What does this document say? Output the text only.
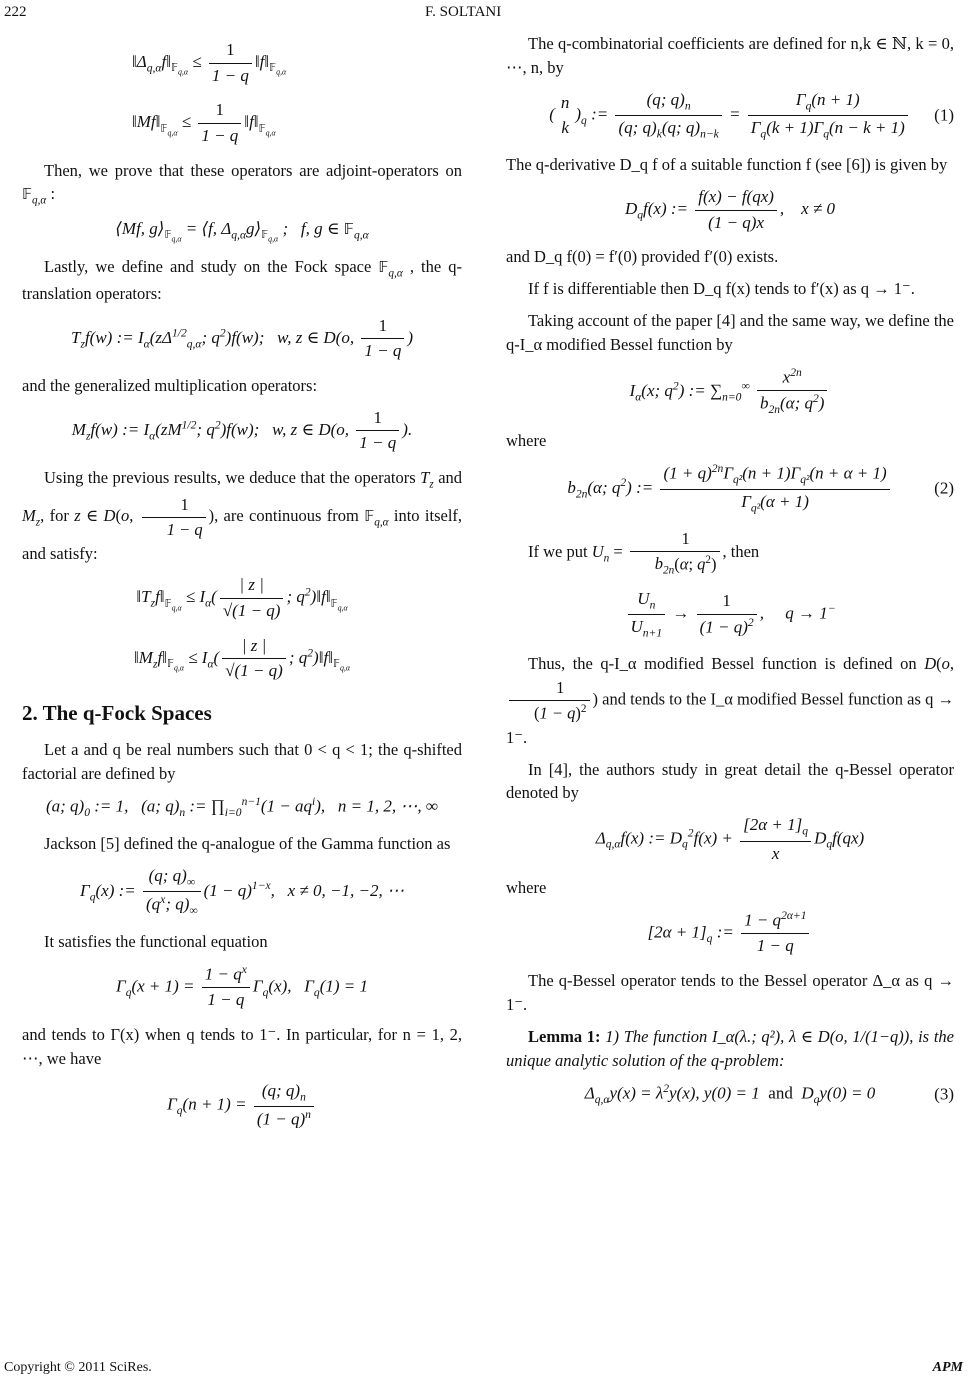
222	F. SOLTANI
$‖\Delta_{q,\alpha}f‖_{𝔽_{q,\alpha}} \le \frac{1}{1 - q}$ $‖f‖_{𝔽_{q,\alpha}}$
$‖Mf‖_{𝔽_{q,\alpha}} \le \frac{1}{1 - q}$ $‖f‖_{𝔽_{q,\alpha}}$

Then, we prove that these operators are adjoint-operators on 𝔽$_{q,\alpha}$ :

⟨Mf, $g⟩_{𝔽_{q,\alpha}}$ = ⟨f, $\Delta_{q,\alpha}g⟩_{𝔽_{q,\alpha}}$ ;   f, g ∈ 𝔽$_{q,\alpha}$

Lastly, we define and study on the Fock space 𝔽$_{q,\alpha}$ , the q-translation operators:

$T_zf(w)$ := $I_\alpha(z\Delta^{1/2}_{q,\alpha}$; $q^2)f(w)$;   w, z ∈ D(o, $\frac{1}{1 - q}$ )

and the generalized multiplication operators:

$M_zf(w)$ := $I_\alpha(zM^{1/2}$; $q^2)f(w)$;   w, z ∈ D(o, $\frac{1}{1 - q}$ ).

Using the previous results, we deduce that the operators $T_z$ and $M_z$, for z ∈ D(o, $\frac{1}{1 - q}$ ), are continuous from 𝔽$_{q,\alpha}$ into itself, and satisfy:

$‖T_zf‖_{𝔽_{q,\alpha}} \le I_\alpha( \frac{| z |}{√(1 - q)}$ ; $q^2)‖f‖_{𝔽_{q,\alpha}}$
$‖M_zf‖_{𝔽_{q,\alpha}} \le I_\alpha( \frac{| z |}{√(1 - q)}$ ; $q^2)‖f‖_{𝔽_{q,\alpha}}$
2. The q-Fock Spaces

Let a and q be real numbers such that 0 < q < 1; the q-shifted factorial are defined by

(a; $q)_0$ := 1,   (a; $q)_n$ := $\prod_{i=0}^{n-1}(1 - aq^i)$,   n = 1, 2, ⋯, ∞

Jackson [5] defined the q-analogue of the Gamma function as

$\Gamma_q(x)$ := $\frac{(q; q)_\infty}{(q^x; q)_\infty} (1 - q)^{1-x}$,   x ≠ 0, −1, −2, ⋯

It satisfies the functional equation

$\Gamma_q(x + 1) = \frac{1 - q^x}{1 - q} \Gamma_q(x)$,   $\Gamma_q(1) = 1$

and tends to Γ(x) when q tends to 1⁻. In particular, for n = 1, 2, ⋯, we have

$\Gamma_q(n + 1) = \frac{(q; q)_n}{(1 - q)^n}$

The q-combinatorial coefficients are defined for n,k ∈ ℕ, k = 0, ⋯, n, by

(
n
k
)$_q$ := $\frac{(q; q)_n}{(q; q)_k(q; q)_{n-k}} = \frac{\Gamma_q(n + 1)}{\Gamma_q(k + 1)\Gamma_q(n - k + 1)} (1)$

The q-derivative D_q f of a suitable function f (see [6]) is given by

$D_qf(x)$ := $\frac{f(x) - f(qx)}{(1 - q)x}$ ,    x ≠ 0

and D_q f(0) = f′(0) provided f′(0) exists.

If f is differentiable then D_q f(x) tends to f′(x) as q → 1⁻.

Taking account of the paper [4] and the same way, we define the q-I_α modified Bessel function by

$I_\alpha(x$; $q^2$) := $\sum_{n=0}^\infty \frac{x^{2n}}{b_{2n}(\alpha; q^2)}$

where

$b_{2n}(\alpha$; $q^2$) := $\frac{(1 + q)^{2n}\Gamma_{q^2}(n + 1)\Gamma_{q^2}(n + \alpha + 1)}{\Gamma_{q^2}(\alpha + 1)}$	(2)

If we put $U_n = \frac{1}{b_{2n}(\alpha; q^2)}$ , then

$\frac{U_n}{U_{n+1}} \to \frac{1}{(1 - q)^2}$ ,     q → 1−

Thus, the q-I_α modified Bessel function is defined on D(o,
$\frac{1}{(1 - q)^2}$ ) and tends to the I_α modified Bessel function as q → 1⁻.

In [4], the authors study in great detail the q-Bessel operator denoted by

$\Delta_{q,\alpha}f(x)$ := $D_q^2f(x) + \frac{[2\alpha + 1]_q}{x} D_qf(qx)$

where

$[2\alpha + 1]_q$ := $\frac{1 - q^{2\alpha+1}}{1 - q}$

The q-Bessel operator tends to the Bessel operator Δ_α as q → 1⁻.

Lemma 1: 1) The function I_α(λ.; q²), λ ∈ D(o, 1/(1−q)), is the unique analytic solution of the q-problem:

$\Delta_{q,\alpha}y(x) = \lambda^2y(x)$, y(0) = 1  and  $D_qy(0) = 0$	(3)
Copyright © 2011 SciRes.	APM
